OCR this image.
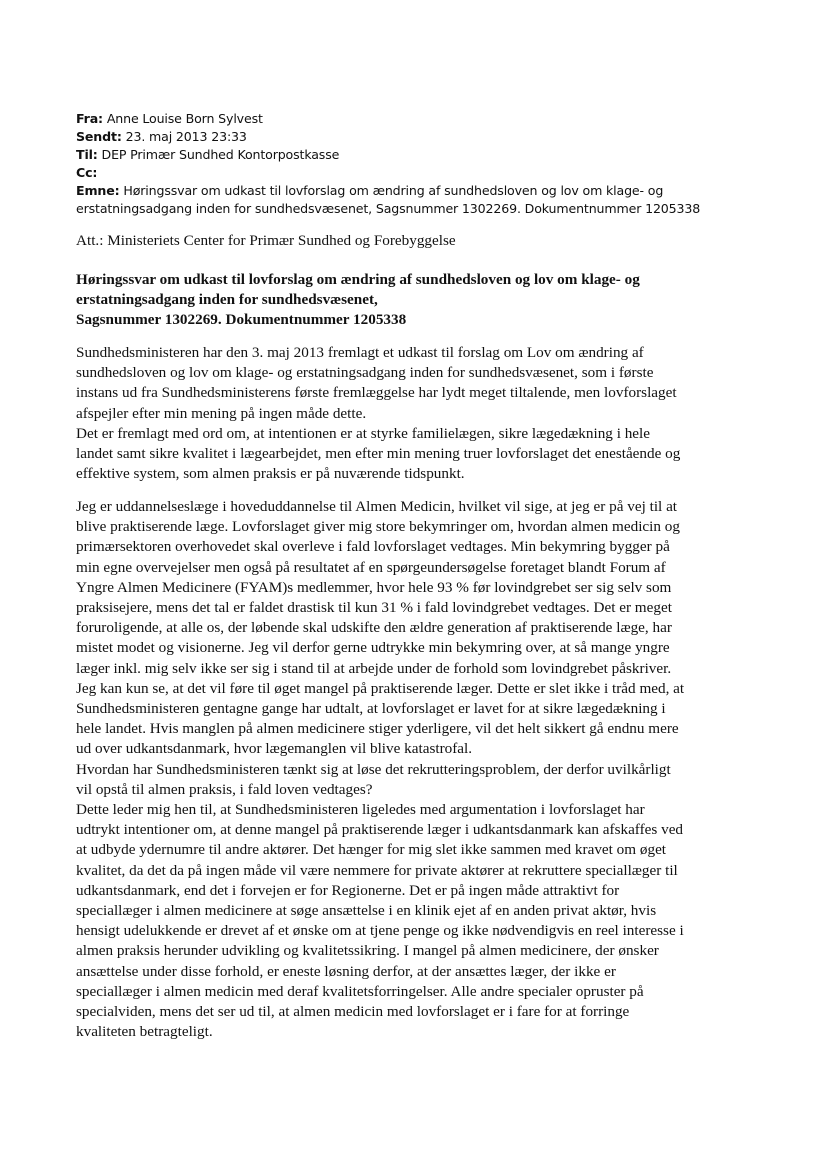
Fra: Anne Louise Born Sylvest
Sendt: 23. maj 2013 23:33
Til: DEP Primær Sundhed Kontorpostkasse
Cc:
Emne: Høringssvar om udkast til lovforslag om ændring af sundhedsloven og lov om klage- og
erstatningsadgang inden for sundhedsvæsenet, Sagsnummer 1302269. Dokumentnummer 1205338
Att.: Ministeriets Center for Primær Sundhed og Forebyggelse
Høringssvar om udkast til lovforslag om ændring af sundhedsloven og lov om klage- og
erstatningsadgang inden for sundhedsvæsenet,
Sagsnummer 1302269. Dokumentnummer 1205338
Sundhedsministeren har den 3. maj 2013 fremlagt et udkast til forslag om Lov om ændring af
sundhedsloven og lov om klage- og erstatningsadgang inden for sundhedsvæsenet, som i første
instans ud fra Sundhedsministerens første fremlæggelse har lydt meget tiltalende, men lovforslaget
afspejler efter min mening på ingen måde dette.
Det er fremlagt med ord om, at intentionen er at styrke familielægen, sikre lægedækning i hele
landet samt sikre kvalitet i lægearbejdet, men efter min mening truer lovforslaget det enestående og
effektive system, som almen praksis er på nuværende tidspunkt.
Jeg er uddannelseslæge i hoveduddannelse til Almen Medicin, hvilket vil sige, at jeg er på vej til at
blive praktiserende læge. Lovforslaget giver mig store bekymringer om, hvordan almen medicin og
primærsektoren overhovedet skal overleve i fald lovforslaget vedtages. Min bekymring bygger på
min egne overvejelser men også på resultatet af en spørgeundersøgelse foretaget blandt Forum af
Yngre Almen Medicinere (FYAM)s medlemmer, hvor hele 93 % før lovindgrebet ser sig selv som
praksisejere, mens det tal er faldet drastisk til kun 31 % i fald lovindgrebet vedtages. Det er meget
foruroligende, at alle os, der løbende skal udskifte den ældre generation af praktiserende læge, har
mistet modet og visionerne. Jeg vil derfor gerne udtrykke min bekymring over, at så mange yngre
læger inkl. mig selv ikke ser sig i stand til at arbejde under de forhold som lovindgrebet påskriver.
Jeg kan kun se, at det vil føre til øget mangel på praktiserende læger. Dette er slet ikke i tråd med, at
Sundhedsministeren gentagne gange har udtalt, at lovforslaget er lavet for at sikre lægedækning i
hele landet. Hvis manglen på almen medicinere stiger yderligere, vil det helt sikkert gå endnu mere
ud over udkantsdanmark, hvor lægemanglen vil blive katastrofal.
Hvordan har Sundhedsministeren tænkt sig at løse det rekrutteringsproblem, der derfor uvilkårligt
vil opstå til almen praksis, i fald loven vedtages?
Dette leder mig hen til, at Sundhedsministeren ligeledes med argumentation i lovforslaget har
udtrykt intentioner om, at denne mangel på praktiserende læger i udkantsdanmark kan afskaffes ved
at udbyde ydernumre til andre aktører. Det hænger for mig slet ikke sammen med kravet om øget
kvalitet, da det da på ingen måde vil være nemmere for private aktører at rekruttere speciallæger til
udkantsdanmark, end det i forvejen er for Regionerne. Det er på ingen måde attraktivt for
speciallæger i almen medicinere at søge ansættelse i en klinik ejet af en anden privat aktør, hvis
hensigt udelukkende er drevet af et ønske om at tjene penge og ikke nødvendigvis en reel interesse i
almen praksis herunder udvikling og kvalitetssikring. I mangel på almen medicinere, der ønsker
ansættelse under disse forhold, er eneste løsning derfor, at der ansættes læger, der ikke er
speciallæger i almen medicin med deraf kvalitetsforringelser. Alle andre specialer opruster på
specialviden, mens det ser ud til, at almen medicin med lovforslaget er i fare for at forringe
kvaliteten betragteligt.
